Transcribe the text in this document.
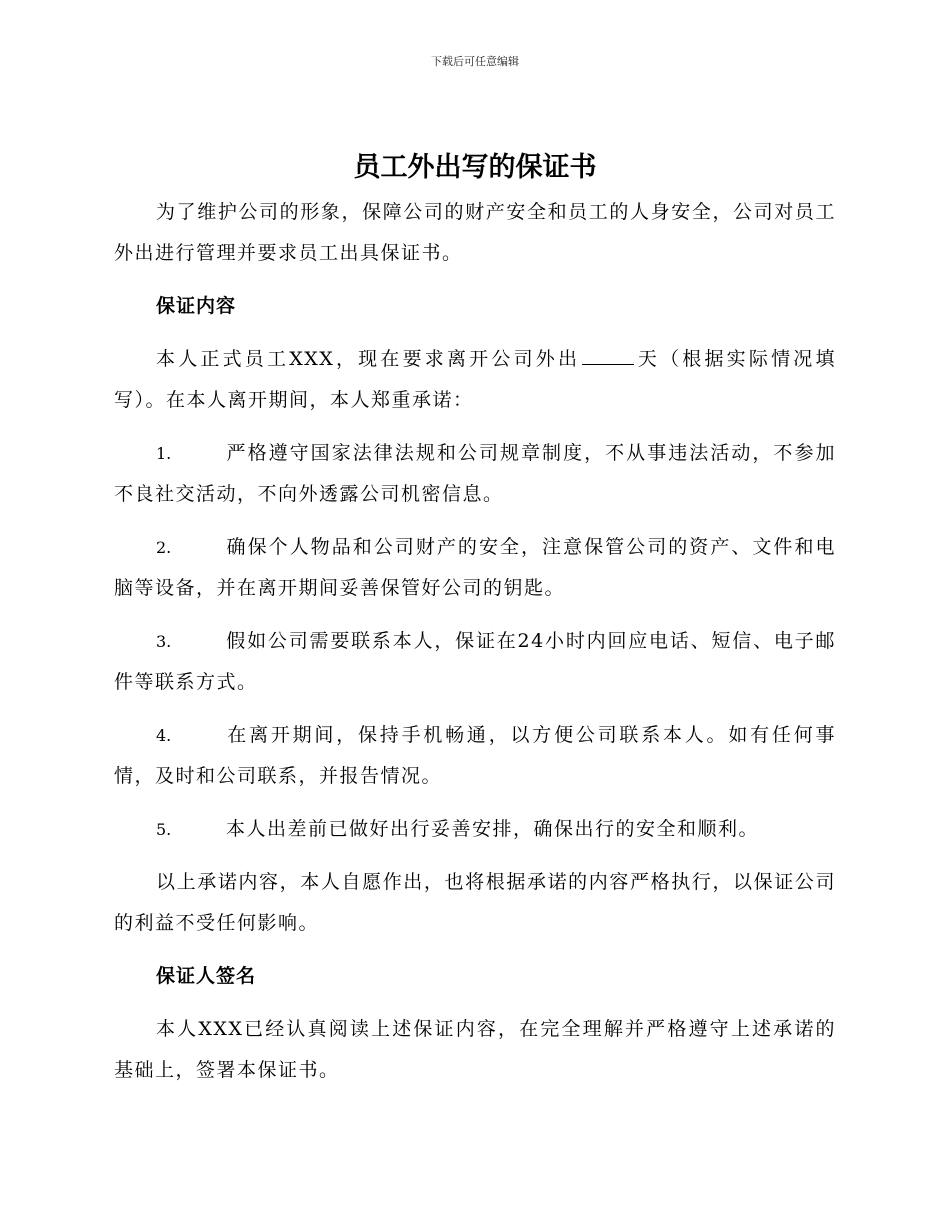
下载后可任意编辑
员工外出写的保证书

为了维护公司的形象，保障公司的财产安全和员工的人身安全，公司对员工外出进行管理并要求员工出具保证书。

保证内容

本人正式员工XXX，现在要求离开公司外出	天（根据实际情况填写）。在本人离开期间，本人郑重承诺：

1.	严格遵守国家法律法规和公司规章制度，不从事违法活动，不参加不良社交活动，不向外透露公司机密信息。

2.	确保个人物品和公司财产的安全，注意保管公司的资产、文件和电脑等设备，并在离开期间妥善保管好公司的钥匙。

3.	假如公司需要联系本人，保证在24小时内回应电话、短信、电子邮件等联系方式。

4.	在离开期间，保持手机畅通，以方便公司联系本人。如有任何事情，及时和公司联系，并报告情况。

5.	本人出差前已做好出行妥善安排，确保出行的安全和顺利。

以上承诺内容，本人自愿作出，也将根据承诺的内容严格执行，以保证公司的利益不受任何影响。

保证人签名

本人XXX已经认真阅读上述保证内容，在完全理解并严格遵守上述承诺的基础上，签署本保证书。
